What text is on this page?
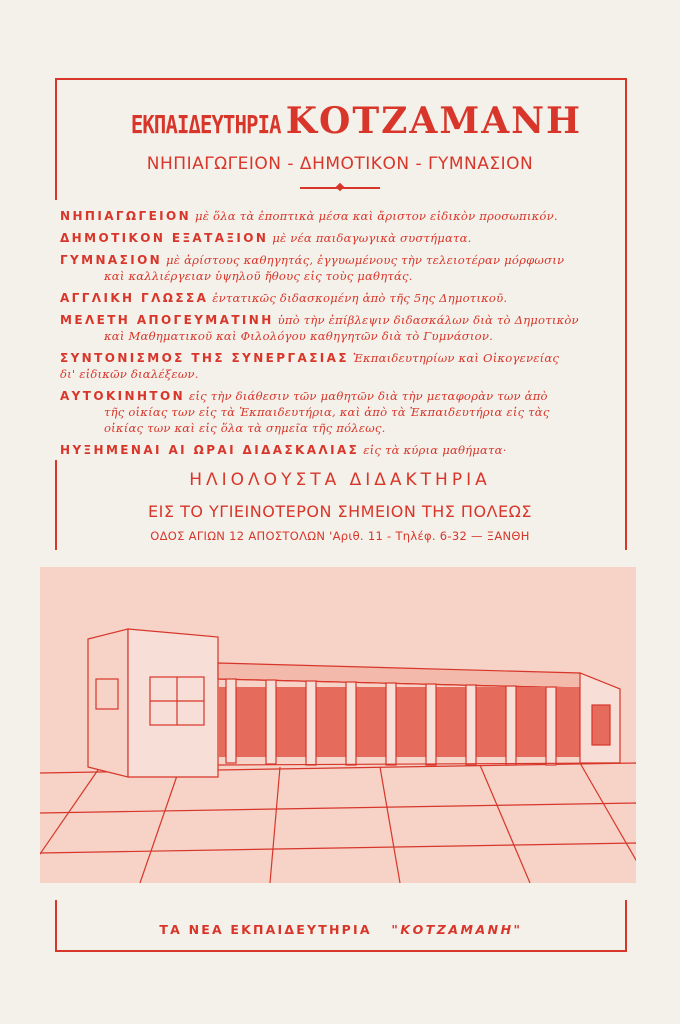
ΕΚΠΑΙΔΕΥΤΗΡΙΑ ΚΟΤΖΑΜΑΝΗ
ΝΗΠΙΑΓΩΓΕΙΟΝ - ΔΗΜΟΤΙΚΟΝ - ΓΥΜΝΑΣΙΟΝ
ΝΗΠΙΑΓΩΓΕΙΟΝ μὲ ὅλα τὰ ἐποπτικὰ μέσα καὶ ἄριστον εἰδικὸν προσωπικόν.
ΔΗΜΟΤΙΚΟΝ ΕΞΑΤΑΞΙΟΝ μὲ νέα παιδαγωγικὰ συστήματα.
ΓΥΜΝΑΣΙΟΝ μὲ ἀρίστους καθηγητάς, ἐγγυωμένους τὴν τελειοτέραν μόρφωσιν
καὶ καλλιέργειαν ὑψηλοῦ ἤθους εἰς τοὺς μαθητάς.
ΑΓΓΛΙΚΗ ΓΛΩΣΣΑ ἐντατικῶς διδασκομένη ἀπὸ τῆς 5ης Δημοτικοῦ.
ΜΕΛΕΤΗ ΑΠΟΓΕΥΜΑΤΙΝΗ ὑπὸ τὴν ἐπίβλεψιν διδασκάλων διὰ τὸ Δημοτικὸν
καὶ Μαθηματικοῦ καὶ Φιλολόγου καθηγητῶν διὰ τὸ Γυμνάσιον.
ΣΥΝΤΟΝΙΣΜΟΣ ΤΗΣ ΣΥΝΕΡΓΑΣΙΑΣ Ἐκπαιδευτηρίων καὶ Οἰκογενείας
δι' εἰδικῶν διαλέξεων.
ΑΥΤΟΚΙΝΗΤΟΝ εἰς τὴν διάθεσιν τῶν μαθητῶν διὰ τὴν μεταφορὰν των ἀπὸ
τῆς οἰκίας των εἰς τὰ Ἐκπαιδευτήρια, καὶ ἀπὸ τὰ Ἐκπαιδευτήρια εἰς τὰς
οἰκίας των καὶ εἰς ὅλα τὰ σημεῖα τῆς πόλεως.
ΗΥΞΗΜΕΝΑΙ ΑΙ ΩΡΑΙ ΔΙΔΑΣΚΑΛΙΑΣ εἰς τὰ κύρια μαθήματα·
ΗΛΙΟΛΟΥΣΤΑ ΔΙΔΑΚΤΗΡΙΑ
ΕΙΣ ΤΟ ΥΓΙΕΙΝΟΤΕΡΟΝ ΣΗΜΕΙΟΝ ΤΗΣ ΠΟΛΕΩΣ
ΟΔΟΣ ΑΓΙΩΝ 12 ΑΠΟΣΤΟΛΩΝ 'Αριθ. 11 - Τηλέφ. 6-32 — ΞΑΝΘΗ
ΤΑ ΝΕΑ ΕΚΠΑΙΔΕΥΤΗΡΙΑ "ΚΟΤΖΑΜΑΝΗ"
